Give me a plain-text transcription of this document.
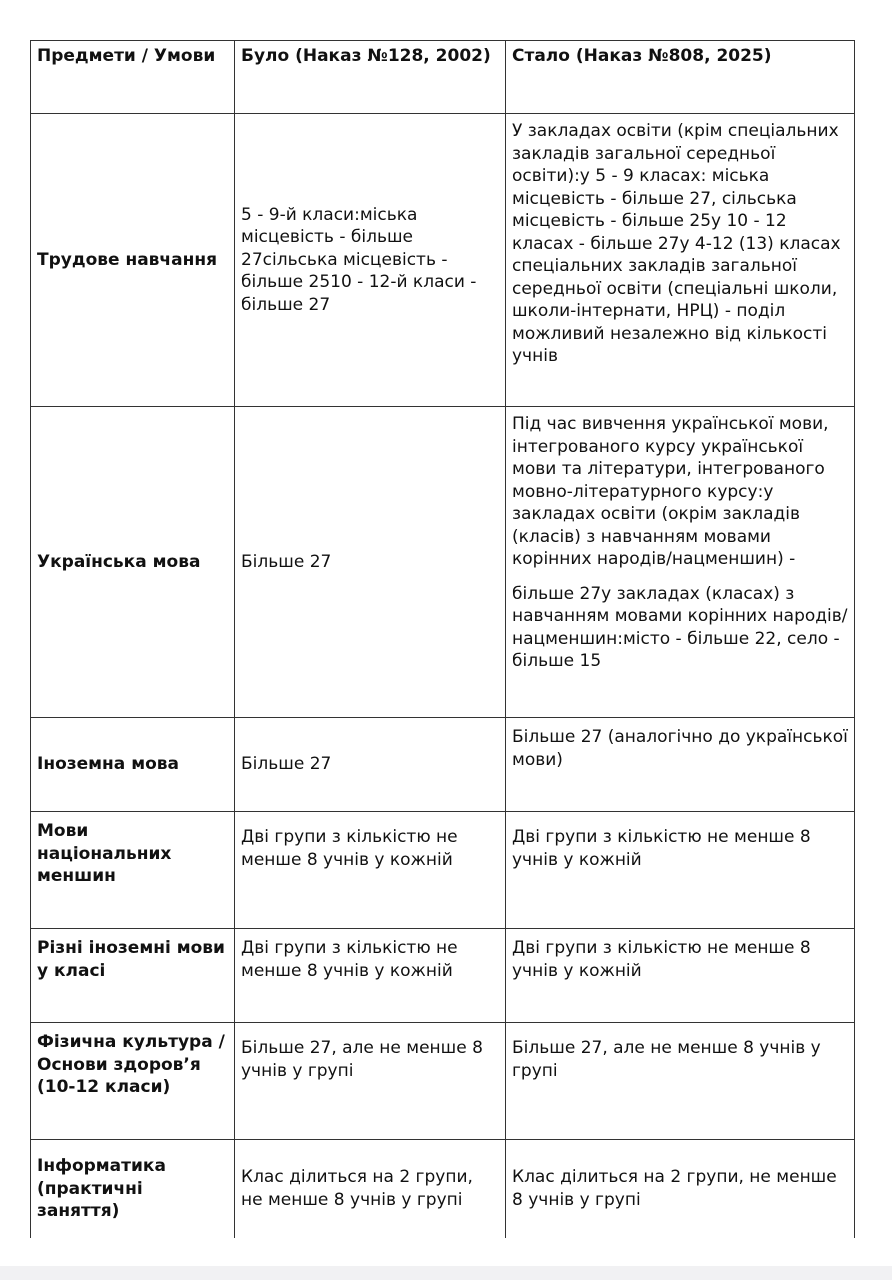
Предмети / Умови	Було (Наказ №128, 2002)	Стало (Наказ №808, 2025)
Трудове навчання	5 - 9-й класи:міська місцевість - більше 27сільська місцевість - більше 2510 - 12-й класи - більше 27	У закладах освіти (крім спеціальних закладів загальної середньої освіти):у 5 - 9 класах: міська місцевість - більше 27, сільська місцевість - більше 25у 10 - 12 класах - більше 27у 4-12 (13) класах спеціальних закладів загальної середньої освіти (спеціальні школи, школи-інтернати, НРЦ) - поділ можливий незалежно від кількості учнів
Українська мова	Більше 27	Під час вивчення української мови, інтегрованого курсу української мови та літератури, інтегрованого мовно-літературного курсу:у закладах освіти (окрім закладів (класів) з навчанням мовами корінних народів/нацменшин) -
більше 27у закладах (класах) з навчанням мовами корінних народів/нацменшин:місто - більше 22, село - більше 15

Іноземна мова	Більше 27	Більше 27 (аналогічно до української мови)
Мови національних меншин	Дві групи з кількістю не менше 8 учнів у кожній	Дві групи з кількістю не менше 8 учнів у кожній
Різні іноземні мови у класі	Дві групи з кількістю не менше 8 учнів у кожній	Дві групи з кількістю не менше 8 учнів у кожній
Фізична культура / Основи здоров’я (10-12 класи)	Більше 27, але не менше 8 учнів у групі	Більше 27, але не менше 8 учнів у групі
Інформатика (практичні заняття)	Клас ділиться на 2 групи, не менше 8 учнів у групі	Клас ділиться на 2 групи, не менше 8 учнів у групі
